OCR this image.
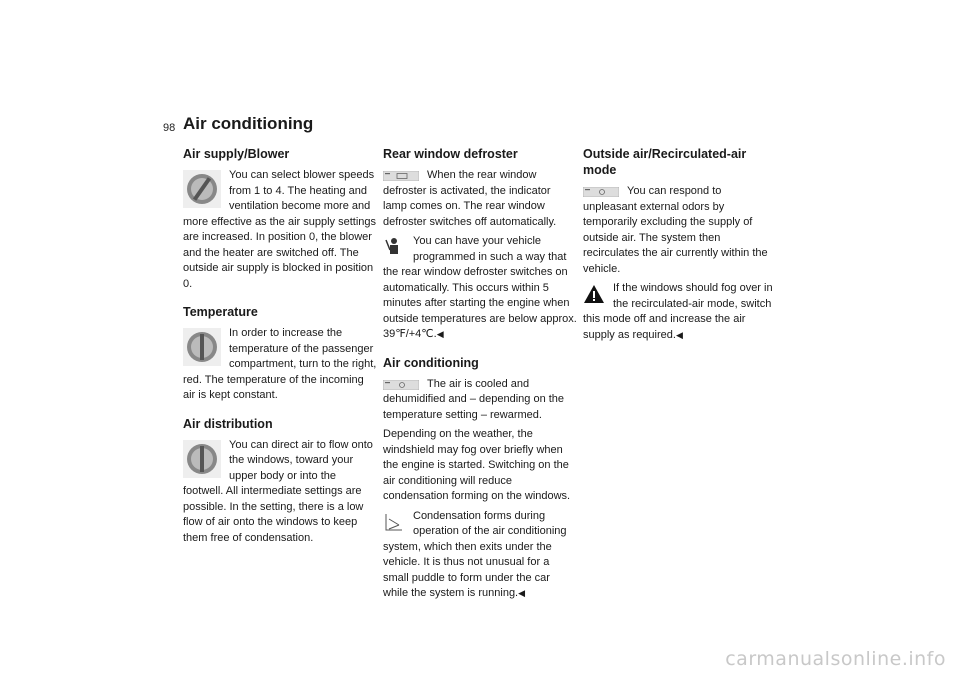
98 Air conditioning
Air supply/Blower

You can select blower speeds from 1 to 4. The heating and ventilation become more and more effective as the air supply settings are increased. In position 0, the blower and the heater are switched off. The outside air supply is blocked in position 0.

Temperature

In order to increase the temperature of the passenger compartment, turn to the right, red. The temperature of the incoming air is kept constant.

Air distribution

You can direct air to flow onto the windows, toward your upper body or into the footwell. All intermediate settings are possible. In the setting, there is a low flow of air onto the windows to keep them free of condensation.

Rear window defroster

When the rear window defroster is activated, the indicator lamp comes on. The rear window defroster switches off automatically.

You can have your vehicle programmed in such a way that the rear window defroster switches on automatically. This occurs within 5 minutes after starting the engine when outside temperatures are below approx. 39℉/+4℃.◀

Air conditioning

The air is cooled and dehumidified and – depending on the temperature setting – rewarmed.

Depending on the weather, the windshield may fog over briefly when the engine is started. Switching on the air conditioning will reduce condensation forming on the windows.

Condensation forms during operation of the air conditioning system, which then exits under the vehicle. It is thus not unusual for a small puddle to form under the car while the system is running.◀

Outside air/Recirculated-air mode

You can respond to unpleasant external odors by temporarily excluding the supply of outside air. The system then recirculates the air currently within the vehicle.

If the windows should fog over in the recirculated-air mode, switch this mode off and increase the air supply as required.◀

carmanualsonline.info
